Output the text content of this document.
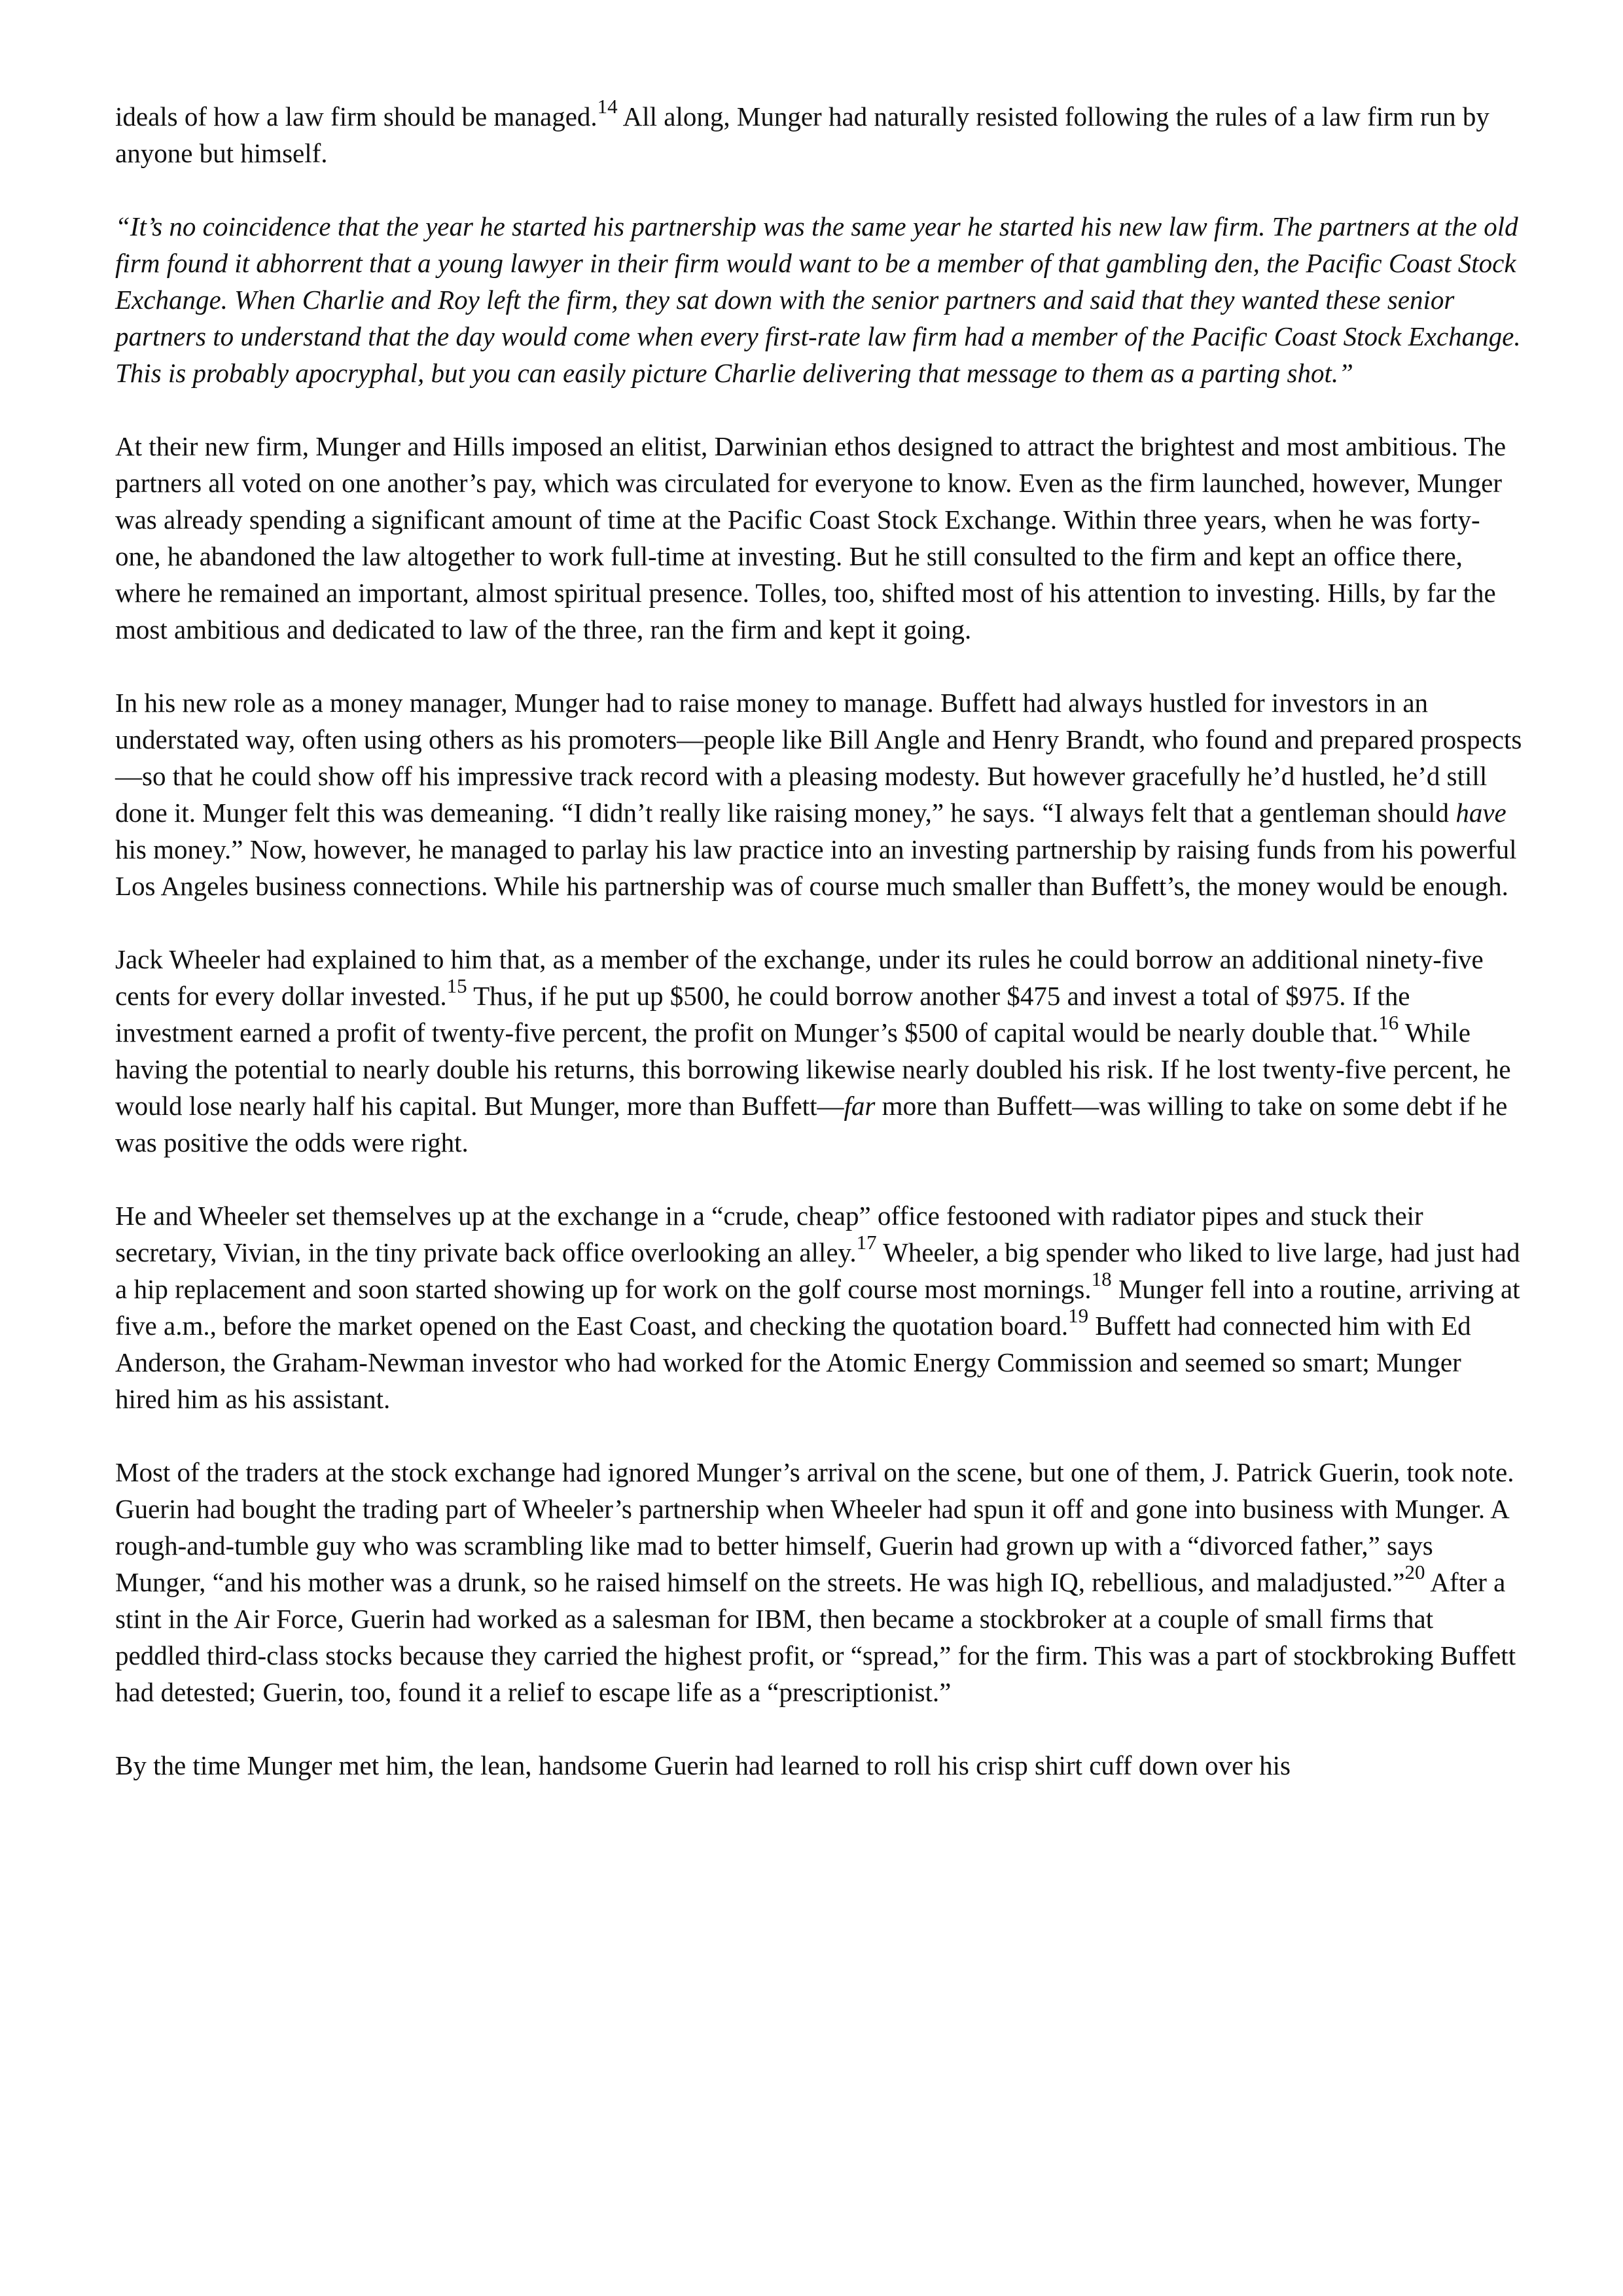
ideals of how a law firm should be managed.$^{14}$ All along, Munger had naturally resisted following the rules of a law firm run by anyone but himself.

“It’s no coincidence that the year he started his partnership was the same year he started his new law firm. The partners at the old firm found it abhorrent that a young lawyer in their firm would want to be a member of that gambling den, the Pacific Coast Stock Exchange. When Charlie and Roy left the firm, they sat down with the senior partners and said that they wanted these senior partners to understand that the day would come when every first-rate law firm had a member of the Pacific Coast Stock Exchange. This is probably apocryphal, but you can easily picture Charlie delivering that message to them as a parting shot.”

At their new firm, Munger and Hills imposed an elitist, Darwinian ethos designed to attract the brightest and most ambitious. The partners all voted on one another’s pay, which was circulated for everyone to know. Even as the firm launched, however, Munger was already spending a significant amount of time at the Pacific Coast Stock Exchange. Within three years, when he was forty-one, he abandoned the law altogether to work full-time at investing. But he still consulted to the firm and kept an office there, where he remained an important, almost spiritual presence. Tolles, too, shifted most of his attention to investing. Hills, by far the most ambitious and dedicated to law of the three, ran the firm and kept it going.

In his new role as a money manager, Munger had to raise money to manage. Buffett had always hustled for investors in an understated way, often using others as his promoters—people like Bill Angle and Henry Brandt, who found and prepared prospects—so that he could show off his impressive track record with a pleasing modesty. But however gracefully he’d hustled, he’d still done it. Munger felt this was demeaning. “I didn’t really like raising money,” he says. “I always felt that a gentleman should have his money.” Now, however, he managed to parlay his law practice into an investing partnership by raising funds from his powerful Los Angeles business connections. While his partnership was of course much smaller than Buffett’s, the money would be enough.

Jack Wheeler had explained to him that, as a member of the exchange, under its rules he could borrow an additional ninety-five cents for every dollar invested.$^{15}$ Thus, if he put up $500, he could borrow another $475 and invest a total of $975. If the investment earned a profit of twenty-five percent, the profit on Munger’s $500 of capital would be nearly double that.$^{16}$ While having the potential to nearly double his returns, this borrowing likewise nearly doubled his risk. If he lost twenty-five percent, he would lose nearly half his capital. But Munger, more than Buffett—far more than Buffett—was willing to take on some debt if he was positive the odds were right.

He and Wheeler set themselves up at the exchange in a “crude, cheap” office festooned with radiator pipes and stuck their secretary, Vivian, in the tiny private back office overlooking an alley.$^{17}$ Wheeler, a big spender who liked to live large, had just had a hip replacement and soon started showing up for work on the golf course most mornings.$^{18}$ Munger fell into a routine, arriving at five a.m., before the market opened on the East Coast, and checking the quotation board.$^{19}$ Buffett had connected him with Ed Anderson, the Graham-Newman investor who had worked for the Atomic Energy Commission and seemed so smart; Munger hired him as his assistant.

Most of the traders at the stock exchange had ignored Munger’s arrival on the scene, but one of them, J. Patrick Guerin, took note. Guerin had bought the trading part of Wheeler’s partnership when Wheeler had spun it off and gone into business with Munger. A rough-and-tumble guy who was scrambling like mad to better himself, Guerin had grown up with a “divorced father,” says Munger, “and his mother was a drunk, so he raised himself on the streets. He was high IQ, rebellious, and maladjusted.”$^{20}$ After a stint in the Air Force, Guerin had worked as a salesman for IBM, then became a stockbroker at a couple of small firms that peddled third-class stocks because they carried the highest profit, or “spread,” for the firm. This was a part of stockbroking Buffett had detested; Guerin, too, found it a relief to escape life as a “prescriptionist.”

By the time Munger met him, the lean, handsome Guerin had learned to roll his crisp shirt cuff down over his
